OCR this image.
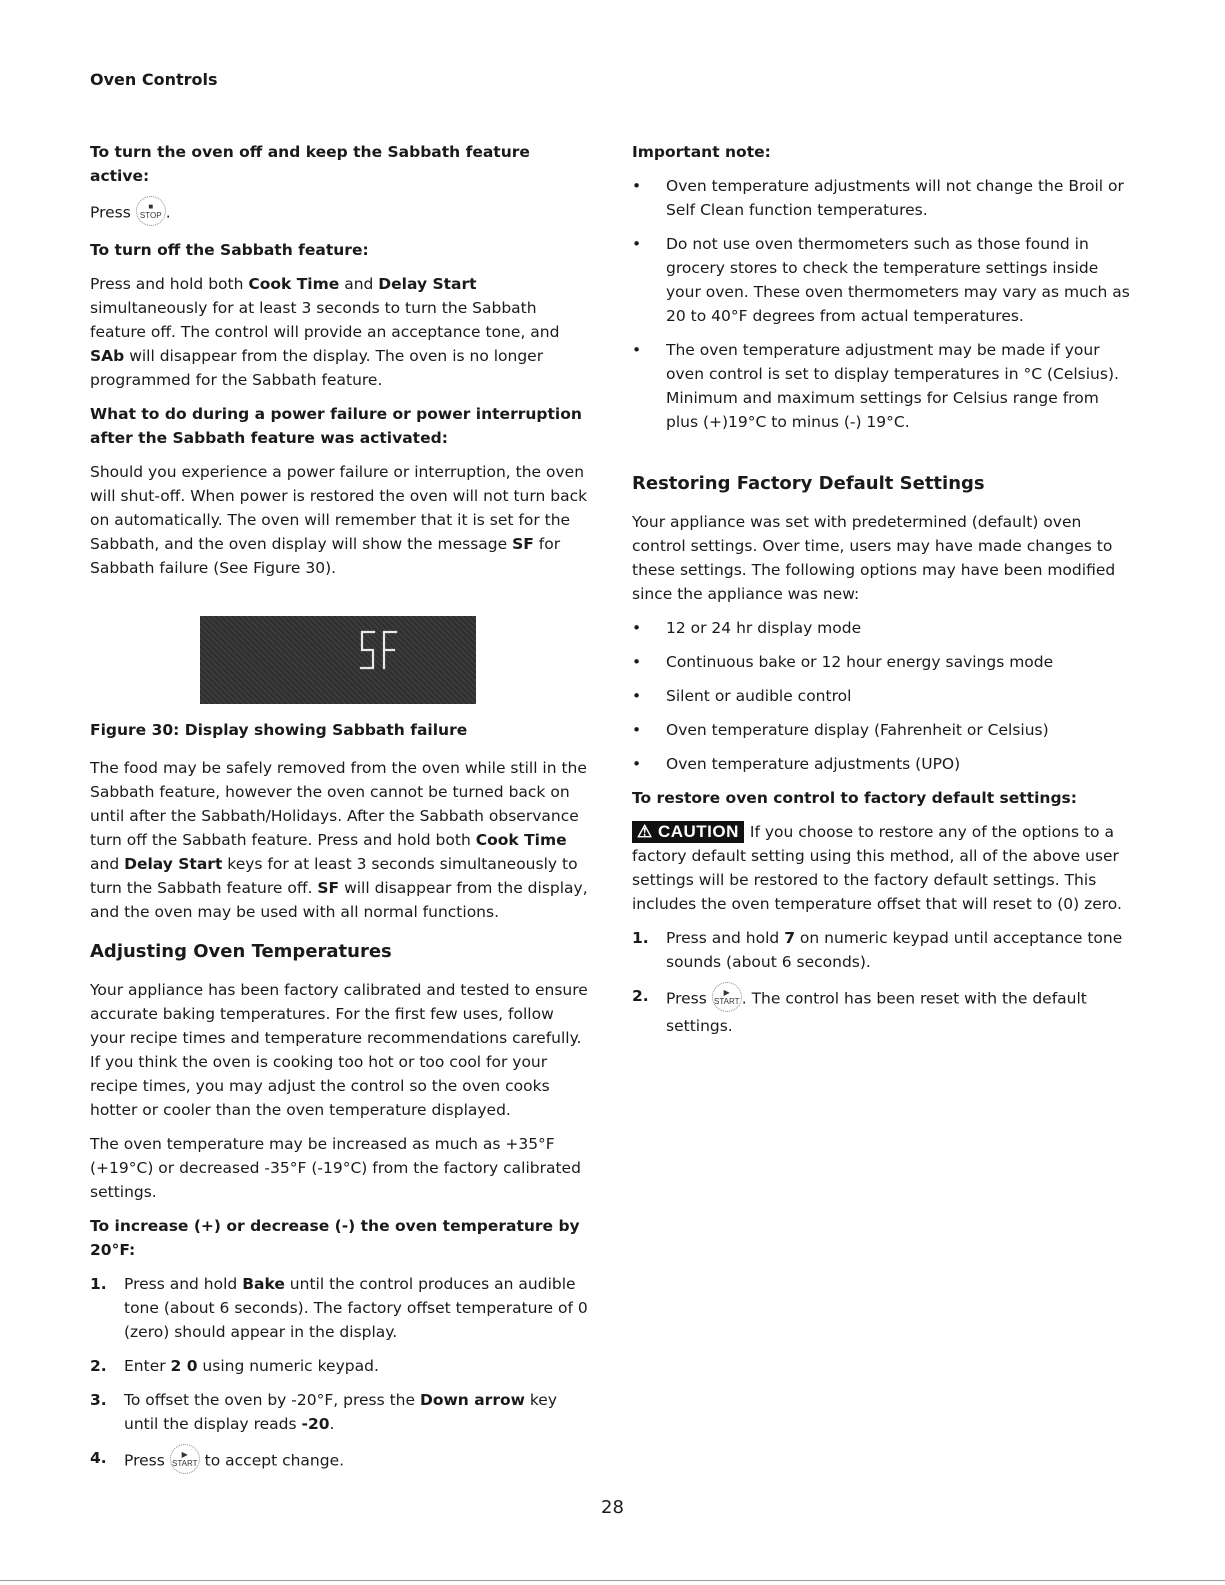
Oven Controls

To turn the oven off and keep the Sabbath feature active:

Press	■
STOP .

To turn off the Sabbath feature:

Press and hold both Cook Time and Delay Start simultaneously for at least 3 seconds to turn the Sabbath feature off. The control will provide an acceptance tone, and SAb will disappear from the display. The oven is no longer programmed for the Sabbath feature.

What to do during a power failure or power interruption after the Sabbath feature was activated:

Should you experience a power failure or interruption, the oven will shut-off. When power is restored the oven will not turn back on automatically. The oven will remember that it is set for the Sabbath, and the oven display will show the message SF for Sabbath failure (See Figure 30).

Figure 30: Display showing Sabbath failure

The food may be safely removed from the oven while still in the Sabbath feature, however the oven cannot be turned back on until after the Sabbath/Holidays. After the Sabbath observance turn off the Sabbath feature. Press and hold both Cook Time and Delay Start keys for at least 3 seconds simultaneously to turn the Sabbath feature off. SF will disappear from the display, and the oven may be used with all normal functions.

Adjusting Oven Temperatures

Your appliance has been factory calibrated and tested to ensure accurate baking temperatures. For the first few uses, follow your recipe times and temperature recommendations carefully. If you think the oven is cooking too hot or too cool for your recipe times, you may adjust the control so the oven cooks hotter or cooler than the oven temperature displayed.

The oven temperature may be increased as much as +35°F (+19°C) or decreased -35°F (-19°C) from the factory calibrated settings.

To increase (+) or decrease (-) the oven temperature by 20°F:

1. Press and hold Bake until the control produces an audible tone (about 6 seconds). The factory offset temperature of 0 (zero) should appear in the display.
2. Enter 2 0 using numeric keypad.
3. To offset the oven by -20°F, press the Down arrow key until the display reads -20.
4. Press	▶
START to accept change.

Important note:

• Oven temperature adjustments will not change the Broil or Self Clean function temperatures.
• Do not use oven thermometers such as those found in grocery stores to check the temperature settings inside your oven. These oven thermometers may vary as much as 20 to 40°F degrees from actual temperatures.
• The oven temperature adjustment may be made if your oven control is set to display temperatures in °C (Celsius). Minimum and maximum settings for Celsius range from plus (+)19°C to minus (-) 19°C.
Restoring Factory Default Settings

Your appliance was set with predetermined (default) oven control settings. Over time, users may have made changes to these settings. The following options may have been modified since the appliance was new:

• 12 or 24 hr display mode
• Continuous bake or 12 hour energy savings mode
• Silent or audible control
• Oven temperature display (Fahrenheit or Celsius)
• Oven temperature adjustments (UPO)

To restore oven control to factory default settings:

⚠ CAUTION If you choose to restore any of the options to a factory default setting using this method, all of the above user settings will be restored to the factory default settings. This includes the oven temperature offset that will reset to (0) zero.

1. Press and hold 7 on numeric keypad until acceptance tone sounds (about 6 seconds).
2. Press	▶
START . The control has been reset with the default settings.
28
